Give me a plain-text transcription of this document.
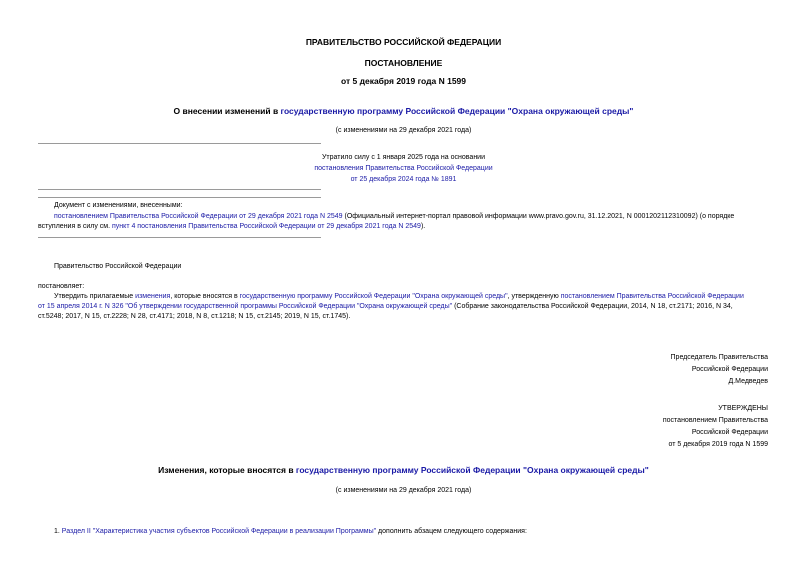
ПРАВИТЕЛЬСТВО РОССИЙСКОЙ ФЕДЕРАЦИИ
ПОСТАНОВЛЕНИЕ
от 5 декабря 2019 года N 1599
О внесении изменений в государственную программу Российской Федерации "Охрана окружающей среды"
(с изменениями на 29 декабря 2021 года)
Утратило силу с 1 января 2025 года на основании
постановления Правительства Российской Федерации
от 25 декабря 2024 года № 1891
Документ с изменениями, внесенными:
постановлением Правительства Российской Федерации от 29 декабря 2021 года N 2549 (Официальный интернет-портал правовой информации www.pravo.gov.ru, 31.12.2021, N 0001202112310092) (о порядке
вступления в силу см. пункт 4 постановления Правительства Российской Федерации от 29 декабря 2021 года N 2549).
Правительство Российской Федерации
постановляет:
Утвердить прилагаемые изменения, которые вносятся в государственную программу Российской Федерации "Охрана окружающей среды", утвержденную постановлением Правительства Российской Федерации
от 15 апреля 2014 г. N 326 "Об утверждении государственной программы Российской Федерации "Охрана окружающей среды" (Собрание законодательства Российской Федерации, 2014, N 18, ст.2171; 2016, N 34,
ст.5248; 2017, N 15, ст.2228; N 28, ст.4171; 2018, N 8, ст.1218; N 15, ст.2145; 2019, N 15, ст.1745).
Председатель Правительства
Российской Федерации
Д.Медведев
УТВЕРЖДЕНЫ
постановлением Правительства
Российской Федерации
от 5 декабря 2019 года N 1599
Изменения, которые вносятся в государственную программу Российской Федерации "Охрана окружающей среды"
(с изменениями на 29 декабря 2021 года)
1. Раздел II "Характеристика участия субъектов Российской Федерации в реализации Программы" дополнить абзацем следующего содержания:
